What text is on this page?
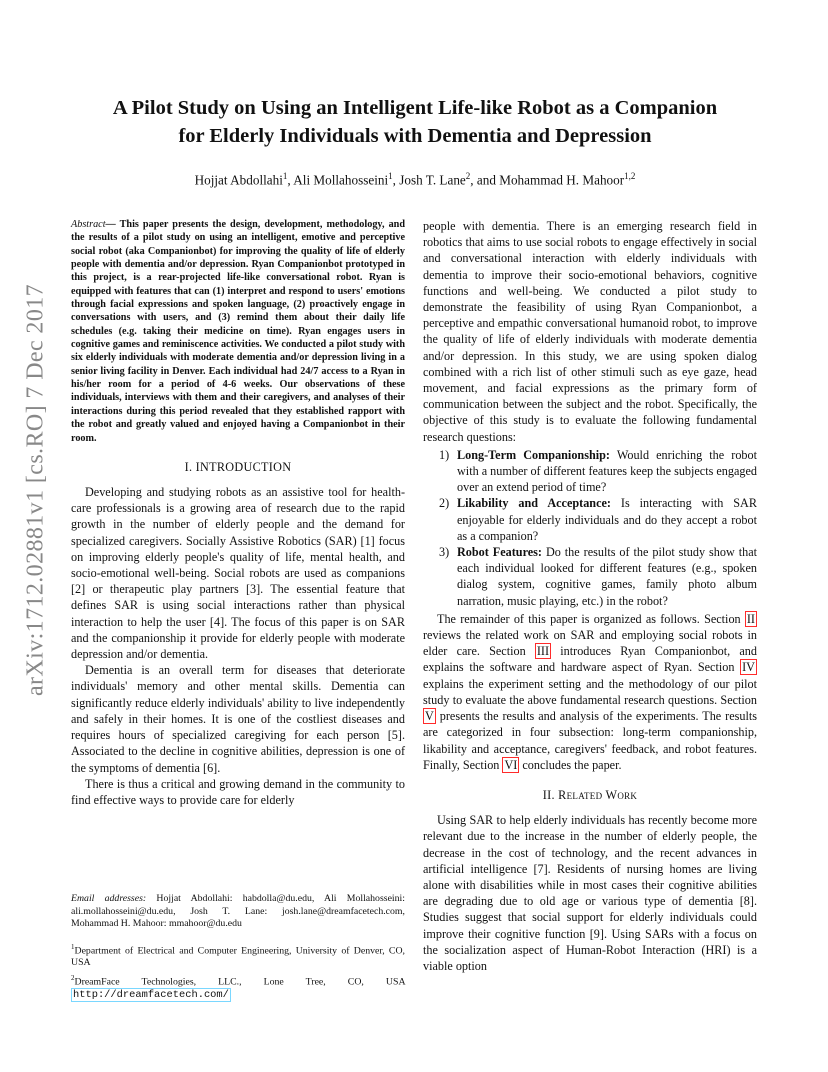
arXiv:1712.02881v1 [cs.RO] 7 Dec 2017
A Pilot Study on Using an Intelligent Life-like Robot as a Companion
for Elderly Individuals with Dementia and Depression
Hojjat Abdollahi$^1$, Ali Mollahosseini$^1$, Josh T. Lane$^2$, and Mohammad H. Mahoor$^{1,2}$

Abstract— This paper presents the design, development, methodology, and the results of a pilot study on using an intelligent, emotive and perceptive social robot (aka Companionbot) for improving the quality of life of elderly people with dementia and/or depression. Ryan Companionbot prototyped in this project, is a rear-projected life-like conversational robot. Ryan is equipped with features that can (1) interpret and respond to users' emotions through facial expressions and spoken language, (2) proactively engage in conversations with users, and (3) remind them about their daily life schedules (e.g. taking their medicine on time). Ryan engages users in cognitive games and reminiscence activities. We conducted a pilot study with six elderly individuals with moderate dementia and/or depression living in a senior living facility in Denver. Each individual had 24/7 access to a Ryan in his/her room for a period of 4-6 weeks. Our observations of these individuals, interviews with them and their caregivers, and analyses of their interactions during this period revealed that they established rapport with the robot and greatly valued and enjoyed having a Companionbot in their room.

I. INTRODUCTION

Developing and studying robots as an assistive tool for health-care professionals is a growing area of research due to the rapid growth in the number of elderly people and the demand for specialized caregivers. Socially Assistive Robotics (SAR) [1] focus on improving elderly people's quality of life, mental health, and socio-emotional well-being. Social robots are used as companions [2] or therapeutic play partners [3]. The essential feature that defines SAR is using social interactions rather than physical interaction to help the user [4]. The focus of this paper is on SAR and the companionship it provide for elderly people with moderate depression and/or dementia.

Dementia is an overall term for diseases that deteriorate individuals' memory and other mental skills. Dementia can significantly reduce elderly individuals' ability to live independently and safely in their homes. It is one of the costliest diseases and requires hours of specialized caregiving for each person [5]. Associated to the decline in cognitive abilities, depression is one of the symptoms of dementia [6].

There is thus a critical and growing demand in the community to find effective ways to provide care for elderly

Email addresses: Hojjat Abdollahi: habdolla@du.edu, Ali Mollahosseini: ali.mollahosseini@du.edu, Josh T. Lane: josh.lane@dreamfacetech.com, Mohammad H. Mahoor: mmahoor@du.edu
$^1$Department of Electrical and Computer Engineering, University of Denver, CO, USA
$^2$DreamFace Technologies, LLC., Lone Tree, CO, USA http://dreamfacetech.com/

people with dementia. There is an emerging research field in robotics that aims to use social robots to engage effectively in social and conversational interaction with elderly individuals with dementia to improve their socio-emotional behaviors, cognitive functions and well-being. We conducted a pilot study to demonstrate the feasibility of using Ryan Companionbot, a perceptive and empathic conversational humanoid robot, to improve the quality of life of elderly individuals with moderate dementia and/or depression. In this study, we are using spoken dialog combined with a rich list of other stimuli such as eye gaze, head movement, and facial expressions as the primary form of communication between the subject and the robot. Specifically, the objective of this study is to evaluate the following fundamental research questions:

1) Long-Term Companionship: Would enriching the robot with a number of different features keep the subjects engaged over an extend period of time?
2) Likability and Acceptance: Is interacting with SAR enjoyable for elderly individuals and do they accept a robot as a companion?
3) Robot Features: Do the results of the pilot study show that each individual looked for different features (e.g., spoken dialog system, cognitive games, family photo album narration, music playing, etc.) in the robot?

The remainder of this paper is organized as follows. Section II reviews the related work on SAR and employing social robots in elder care. Section III introduces Ryan Companionbot, and explains the software and hardware aspect of Ryan. Section IV explains the experiment setting and the methodology of our pilot study to evaluate the above fundamental research questions. Section V presents the results and analysis of the experiments. The results are categorized in four subsection: long-term companionship, likability and acceptance, caregivers' feedback, and robot features. Finally, Section VI concludes the paper.

II. Related Work

Using SAR to help elderly individuals has recently become more relevant due to the increase in the number of elderly people, the decrease in the cost of technology, and the recent advances in artificial intelligence [7]. Residents of nursing homes are living alone with disabilities while in most cases their cognitive abilities are degrading due to old age or various type of dementia [8]. Studies suggest that social support for elderly individuals could improve their cognitive function [9]. Using SARs with a focus on the socialization aspect of Human-Robot Interaction (HRI) is a viable option
